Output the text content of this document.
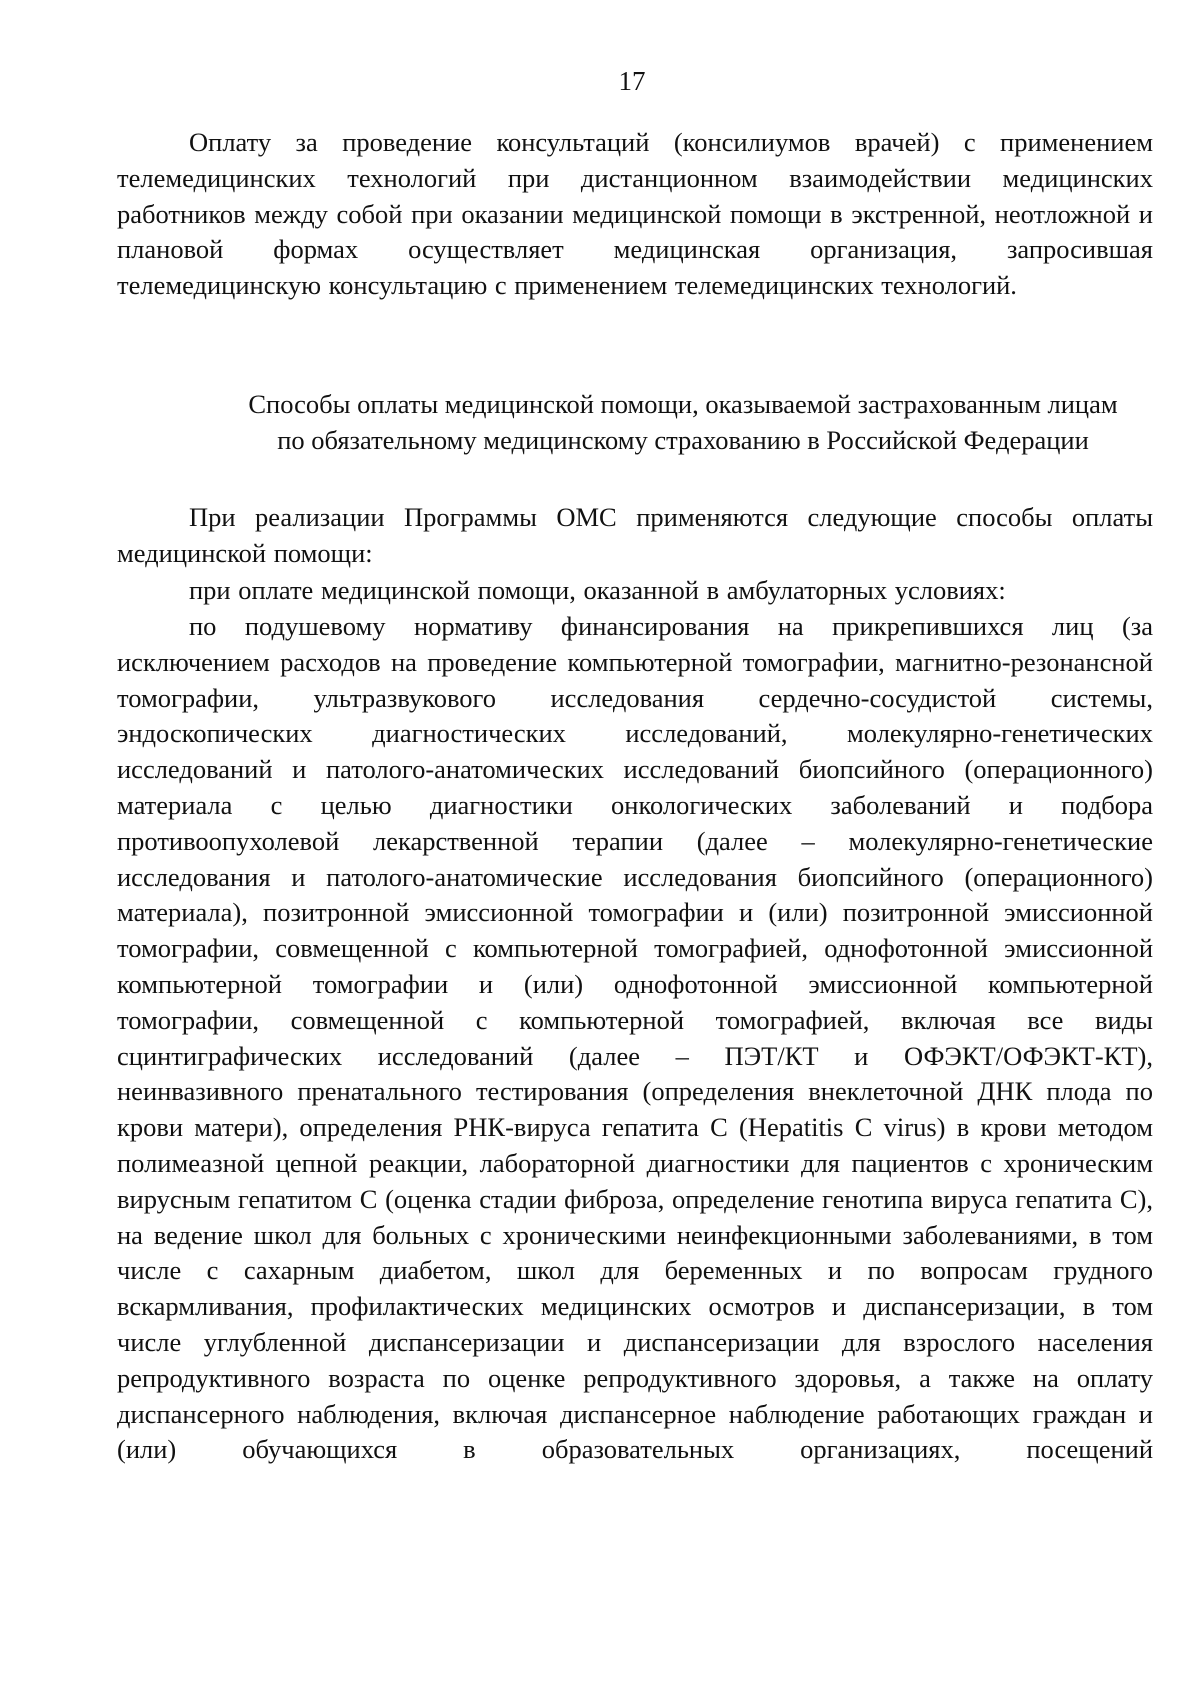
17

Оплату за проведение консультаций (консилиумов врачей) с применением телемедицинских технологий при дистанционном взаимодействии медицинских работников между собой при оказании медицинской помощи в экстренной, неотложной и плановой формах осуществляет медицинская организация, запросившая телемедицинскую консультацию с применением телемедицинских технологий.

Способы оплаты медицинской помощи, оказываемой застрахованным лицам
по обязательному медицинскому страхованию в Российской Федерации

При реализации Программы ОМС применяются следующие способы оплаты медицинской помощи:

при оплате медицинской помощи, оказанной в амбулаторных условиях:

по подушевому нормативу финансирования на прикрепившихся лиц (за исключением расходов на проведение компьютерной томографии, магнитно-резонансной томографии, ультразвукового исследования сердечно-сосудистой системы, эндоскопических диагностических исследований, молекулярно-генетических исследований и патолого-анатомических исследований биопсийного (операционного) материала с целью диагностики онкологических заболеваний и подбора противоопухолевой лекарственной терапии (далее – молекулярно-генетические исследования и патолого-анатомические исследования биопсийного (операционного) материала), позитронной эмиссионной томографии и (или) позитронной эмиссионной томографии, совмещенной с компьютерной томографией, однофотонной эмиссионной компьютерной томографии и (или) однофотонной эмиссионной компьютерной томографии, совмещенной с компьютерной томографией, включая все виды сцинтиграфических исследований (далее – ПЭТ/КТ и ОФЭКТ/ОФЭКТ-КТ), неинвазивного пренатального тестирования (определения внеклеточной ДНК плода по крови матери), определения РНК-вируса гепатита С (Hepatitis C virus) в крови методом полимеазной цепной реакции, лабораторной диагностики для пациентов с хроническим вирусным гепатитом С (оценка стадии фиброза, определение генотипа вируса гепатита С), на ведение школ для больных с хроническими неинфекционными заболеваниями, в том числе с сахарным диабетом, школ для беременных и по вопросам грудного вскармливания, профилактических медицинских осмотров и диспансеризации, в том числе углубленной диспансеризации и диспансеризации для взрослого населения репродуктивного возраста по оценке репродуктивного здоровья, а также на оплату диспансерного наблюдения, включая диспансерное наблюдение работающих граждан и (или) обучающихся в образовательных организациях, посещений
